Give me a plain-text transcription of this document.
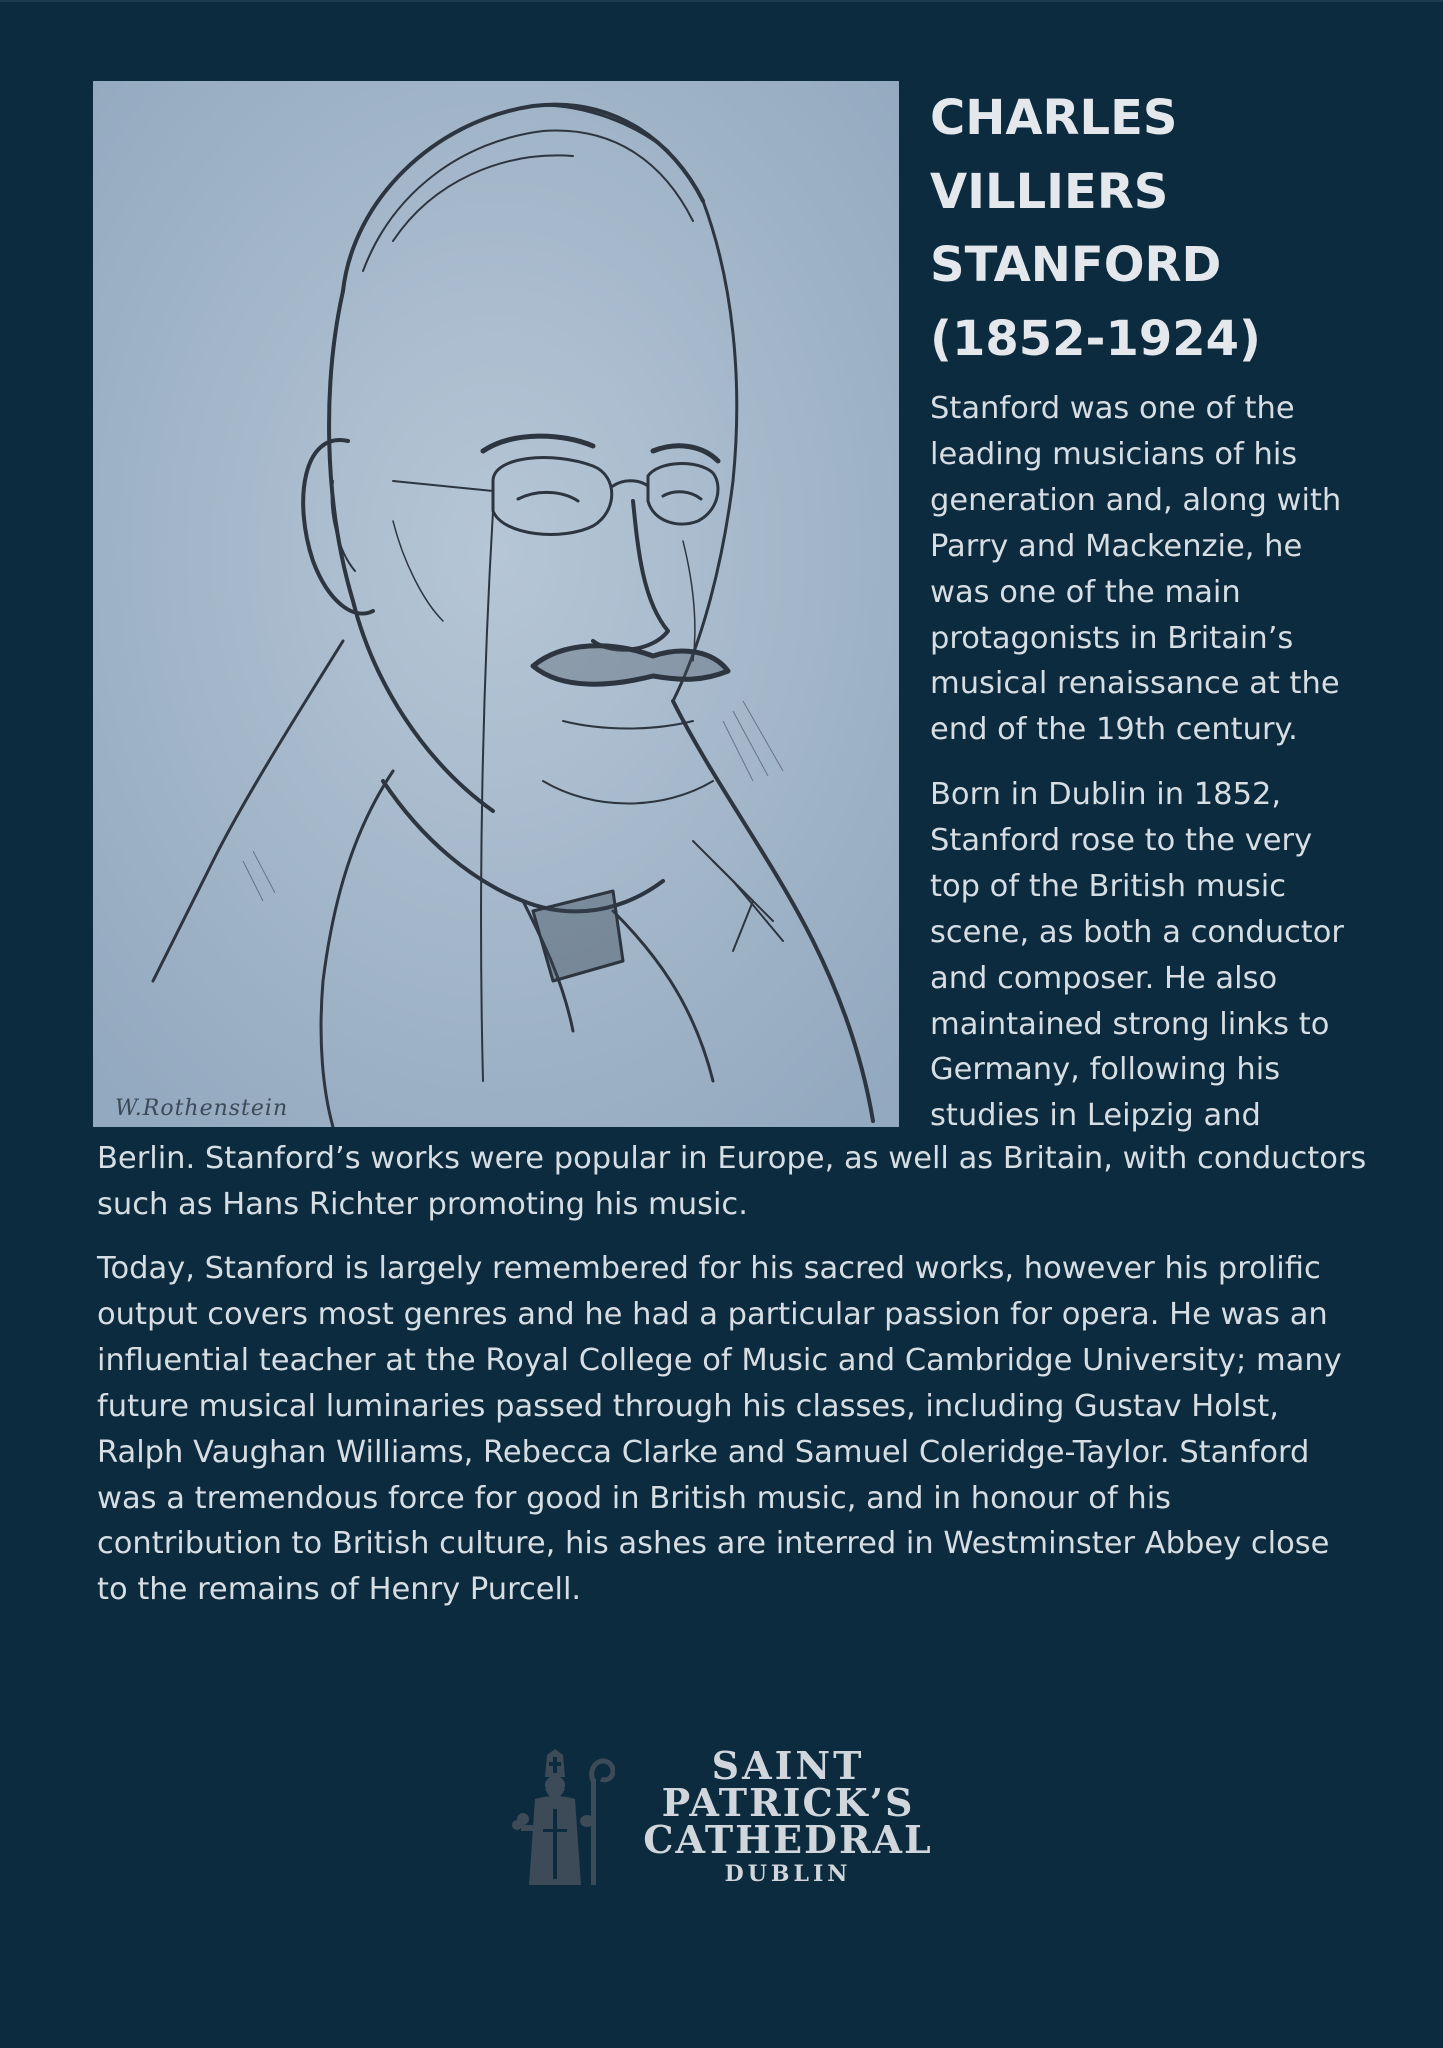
W.Rothenstein
CHARLES
VILLIERS
STANFORD
(1852-1924)
Stanford was one of the
leading musicians of his
generation and, along with
Parry and Mackenzie, he
was one of the main
protagonists in Britain’s
musical renaissance at the
end of the 19th century.
Born in Dublin in 1852,
Stanford rose to the very
top of the British music
scene, as both a conductor
and composer. He also
maintained strong links to
Germany, following his
studies in Leipzig and
Berlin. Stanford’s works were popular in Europe, as well as Britain, with conductors
such as Hans Richter promoting his music.
Today, Stanford is largely remembered for his sacred works, however his prolific
output covers most genres and he had a particular passion for opera. He was an
influential teacher at the Royal College of Music and Cambridge University; many
future musical luminaries passed through his classes, including Gustav Holst,
Ralph Vaughan Williams, Rebecca Clarke and Samuel Coleridge-Taylor. Stanford
was a tremendous force for good in British music, and in honour of his
contribution to British culture, his ashes are interred in Westminster Abbey close
to the remains of Henry Purcell.
SAINT
PATRICK’S
CATHEDRAL
DUBLIN
